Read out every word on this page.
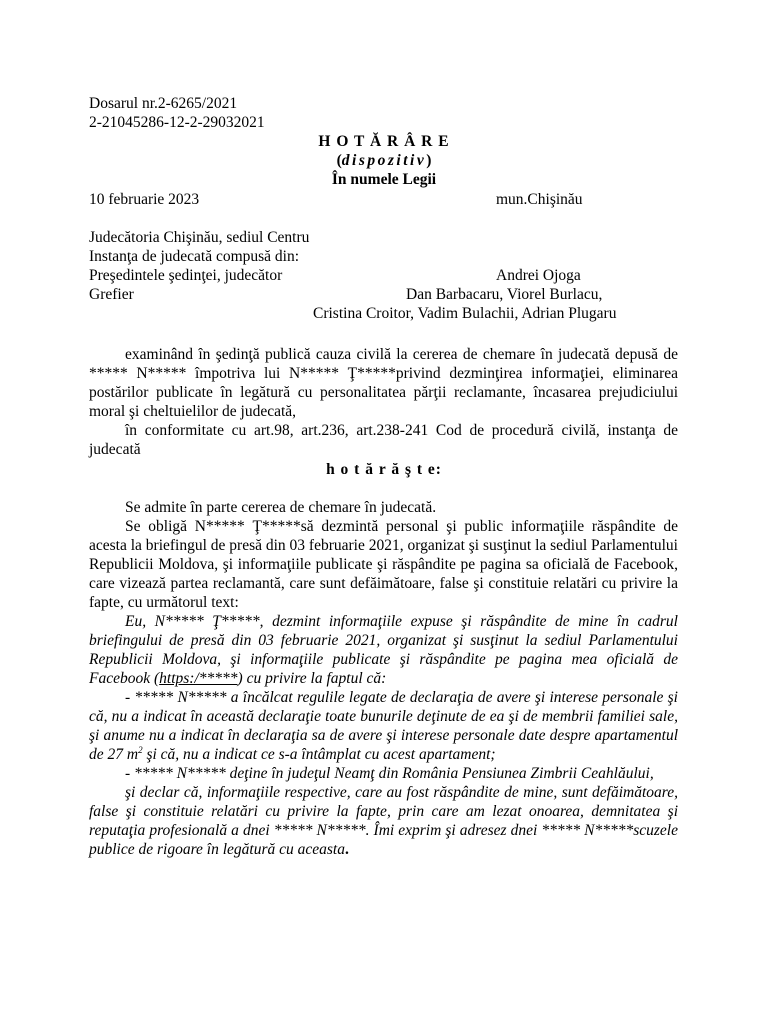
Dosarul nr.2-6265/2021
2-21045286-12-2-29032021
H O T Ă R Â R E
(dispozitiv)
În numele Legii
10 februarie 2023	mun.Chişinău
Judecătoria Chişinău, sediul Centru
Instanţa de judecată compusă din:
Preşedintele şedinţei, judecător	Andrei Ojoga
Grefier	Dan Barbacaru, Viorel Burlacu,
Cristina Croitor, Vadim Bulachii, Adrian Plugaru

examinând în şedinţă publică cauza civilă la cererea de chemare în judecată depusă de ***** N***** împotriva lui N***** Ţ*****privind dezminţirea informaţiei, eliminarea postărilor publicate în legătură cu personalitatea părţii reclamante, încasarea prejudiciului moral şi cheltuielilor de judecată,

în conformitate cu art.98, art.236, art.238-241 Cod de procedură civilă, instanţa de judecată

h o t ă r ă ş t e:

Se admite în parte cererea de chemare în judecată.

Se obligă N***** Ţ*****să dezmintă personal şi public informaţiile răspândite de acesta la briefingul de presă din 03 februarie 2021, organizat şi susţinut la sediul Parlamentului Republicii Moldova, şi informaţiile publicate şi răspândite pe pagina sa oficială de Facebook, care vizează partea reclamantă, care sunt defăimătoare, false şi constituie relatări cu privire la fapte, cu următorul text:

Eu, N***** Ţ*****, dezmint informaţiile expuse şi răspândite de mine în cadrul briefingului de presă din 03 februarie 2021, organizat şi susţinut la sediul Parlamentului Republicii Moldova, şi informaţiile publicate şi răspândite pe pagina mea oficială de Facebook (https:/*****) cu privire la faptul că:

- ***** N***** a încălcat regulile legate de declaraţia de avere şi interese personale şi că, nu a indicat în această declaraţie toate bunurile deţinute de ea şi de membrii familiei sale, şi anume nu a indicat în declaraţia sa de avere şi interese personale date despre apartamentul de 27 $m^2$ şi că, nu a indicat ce s-a întâmplat cu acest apartament;

- ***** N***** deţine în judeţul Neamţ din România Pensiunea Zimbrii Ceahlăului,

şi declar că, informaţiile respective, care au fost răspândite de mine, sunt defăimătoare, false şi constituie relatări cu privire la fapte, prin care am lezat onoarea, demnitatea şi reputaţia profesională a dnei ***** N*****. Îmi exprim şi adresez dnei ***** N*****scuzele publice de rigoare în legătură cu aceasta.
